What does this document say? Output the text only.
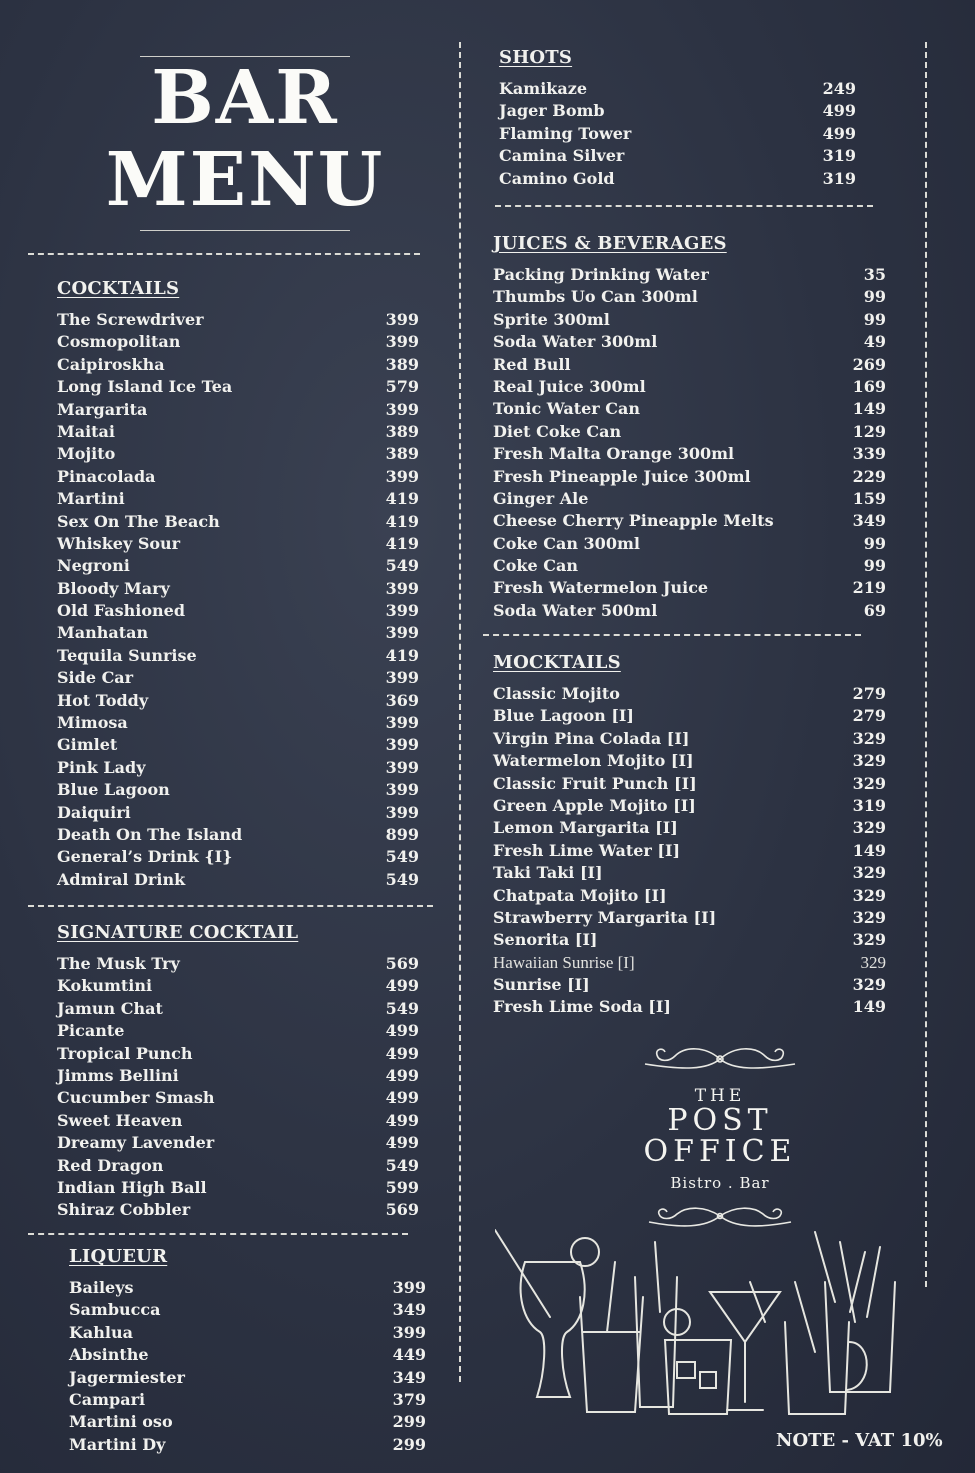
BAR
MENU
COCKTAILS
The Screwdriver	399
Cosmopolitan	399
Caipiroskha	389
Long Island Ice Tea	579
Margarita	399
Maitai	389
Mojito	389
Pinacolada	399
Martini	419
Sex On The Beach	419
Whiskey Sour	419
Negroni	549
Bloody Mary	399
Old Fashioned	399
Manhatan	399
Tequila Sunrise	419
Side Car	399
Hot Toddy	369
Mimosa	399
Gimlet	399
Pink Lady	399
Blue Lagoon	399
Daiquiri	399
Death On The Island	899
General’s Drink {I}	549
Admiral Drink	549
SIGNATURE COCKTAIL
The Musk Try	569
Kokumtini	499
Jamun Chat	549
Picante	499
Tropical Punch	499
Jimms Bellini	499
Cucumber Smash	499
Sweet Heaven	499
Dreamy Lavender	499
Red Dragon	549
Indian High Ball	599
Shiraz Cobbler	569
LIQUEUR
Baileys	399
Sambucca	349
Kahlua	399
Absinthe	449
Jagermiester	349
Campari	379
Martini oso	299
Martini Dy	299
SHOTS
Kamikaze	249
Jager Bomb	499
Flaming Tower	499
Camina Silver	319
Camino Gold	319
JUICES & BEVERAGES
Packing Drinking Water	35
Thumbs Uo Can 300ml	99
Sprite 300ml	99
Soda Water 300ml	49
Red Bull	269
Real Juice 300ml	169
Tonic Water Can	149
Diet Coke Can	129
Fresh Malta Orange 300ml	339
Fresh Pineapple Juice 300ml	229
Ginger Ale	159
Cheese Cherry Pineapple Melts	349
Coke Can 300ml	99
Coke Can	99
Fresh Watermelon Juice	219
Soda Water 500ml	69
MOCKTAILS
Classic Mojito	279
Blue Lagoon [I]	279
Virgin Pina Colada [I]	329
Watermelon Mojito [I]	329
Classic Fruit Punch [I]	329
Green Apple Mojito [I]	319
Lemon Margarita [I]	329
Fresh Lime Water [I]	149
Taki Taki [I]	329
Chatpata Mojito [I]	329
Strawberry Margarita [I]	329
Senorita [I]	329
Hawaiian Sunrise [I]	329
Sunrise [I]	329
Fresh Lime Soda [I]	149
THE
POST
OFFICE
Bistro . Bar
NOTE - VAT 10%
